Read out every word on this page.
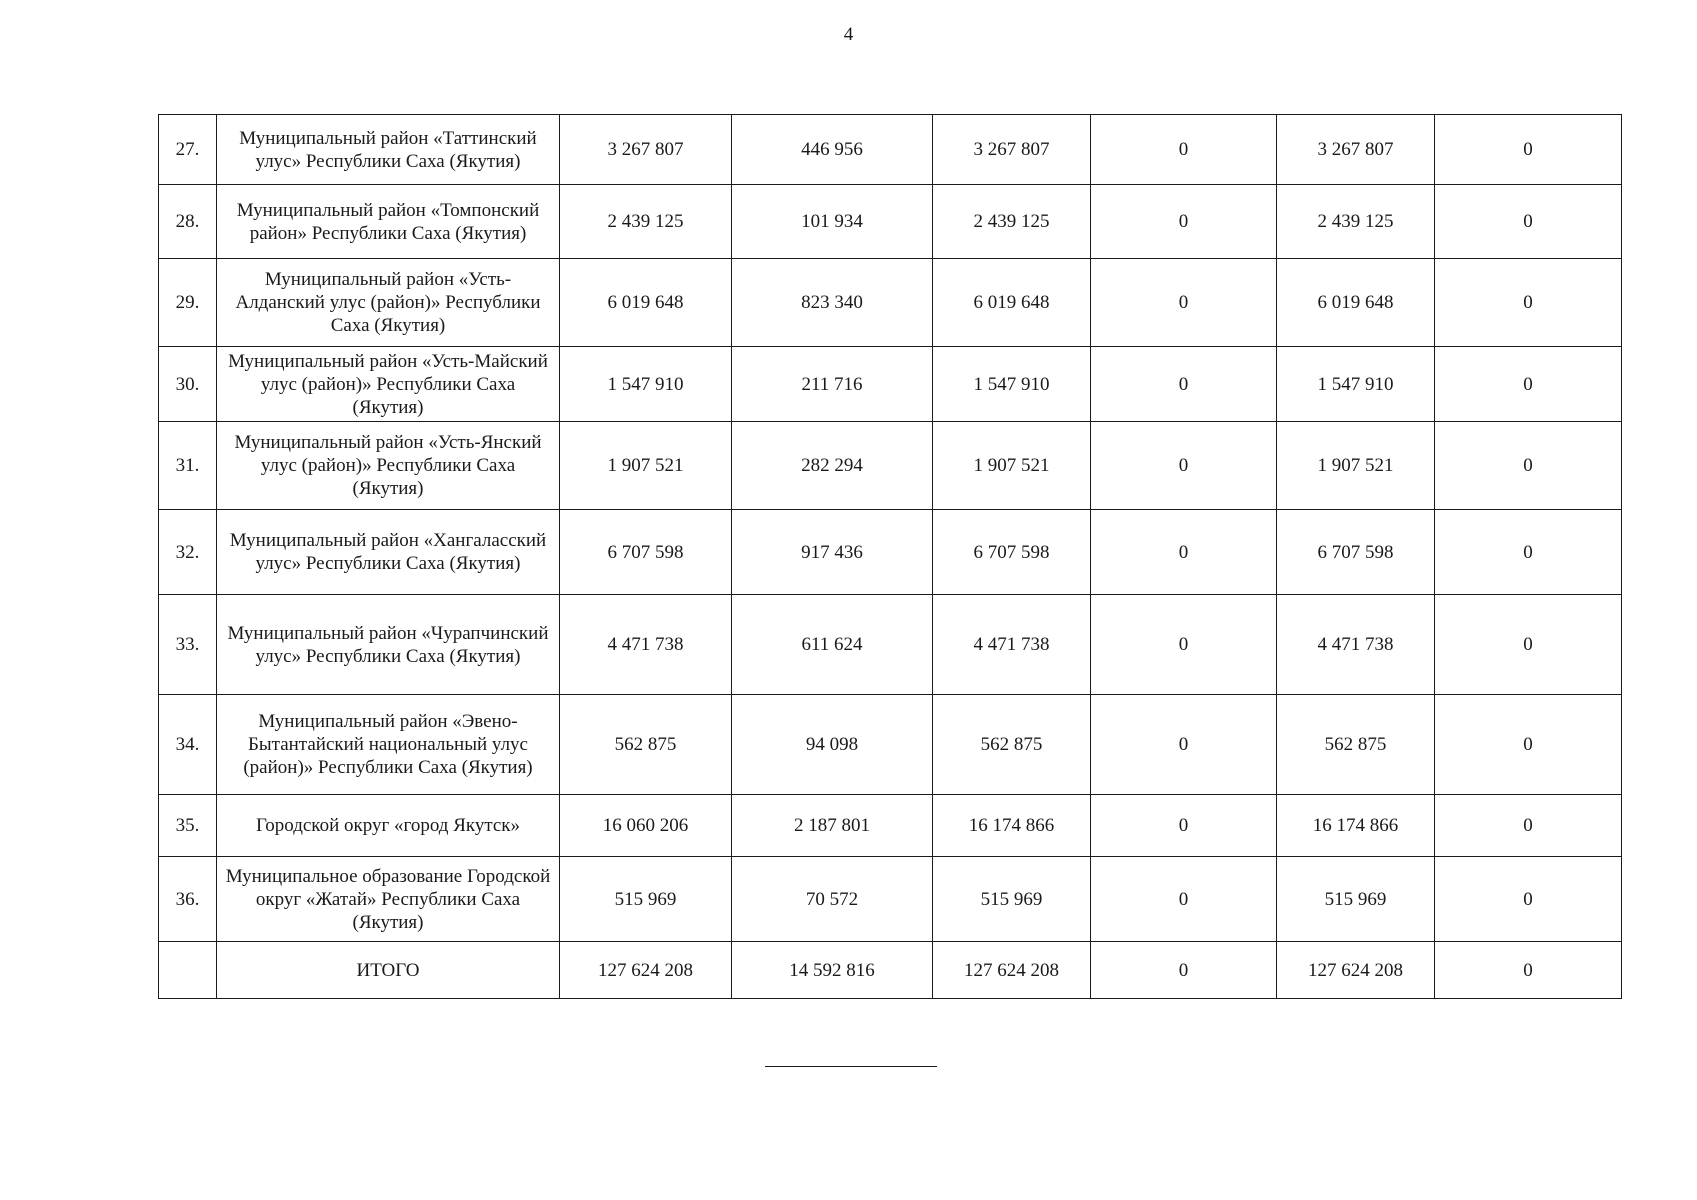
4
27.	Муниципальный район «Таттинский улус» Республики Саха (Якутия)	3 267 807	446 956	3 267 807	0	3 267 807	0
28.	Муниципальный район «Томпонский район» Республики Саха (Якутия)	2 439 125	101 934	2 439 125	0	2 439 125	0
29.	Муниципальный район «Усть-Алданский улус (район)» Республики Саха (Якутия)	6 019 648	823 340	6 019 648	0	6 019 648	0
30.	Муниципальный район «Усть-Майский улус (район)» Республики Саха (Якутия)	1 547 910	211 716	1 547 910	0	1 547 910	0
31.	Муниципальный район «Усть-Янский улус (район)» Республики Саха (Якутия)	1 907 521	282 294	1 907 521	0	1 907 521	0
32.	Муниципальный район «Хангаласский улус» Республики Саха (Якутия)	6 707 598	917 436	6 707 598	0	6 707 598	0
33.	Муниципальный район «Чурапчинский улус» Республики Саха (Якутия)	4 471 738	611 624	4 471 738	0	4 471 738	0
34.	Муниципальный район «Эвено-Бытантайский национальный улус (район)» Республики Саха (Якутия)	562 875	94 098	562 875	0	562 875	0
35.	Городской округ «город Якутск»	16 060 206	2 187 801	16 174 866	0	16 174 866	0
36.	Муниципальное образование Городской округ «Жатай» Республики Саха (Якутия)	515 969	70 572	515 969	0	515 969	0
	ИТОГО	127 624 208	14 592 816	127 624 208	0	127 624 208	0
